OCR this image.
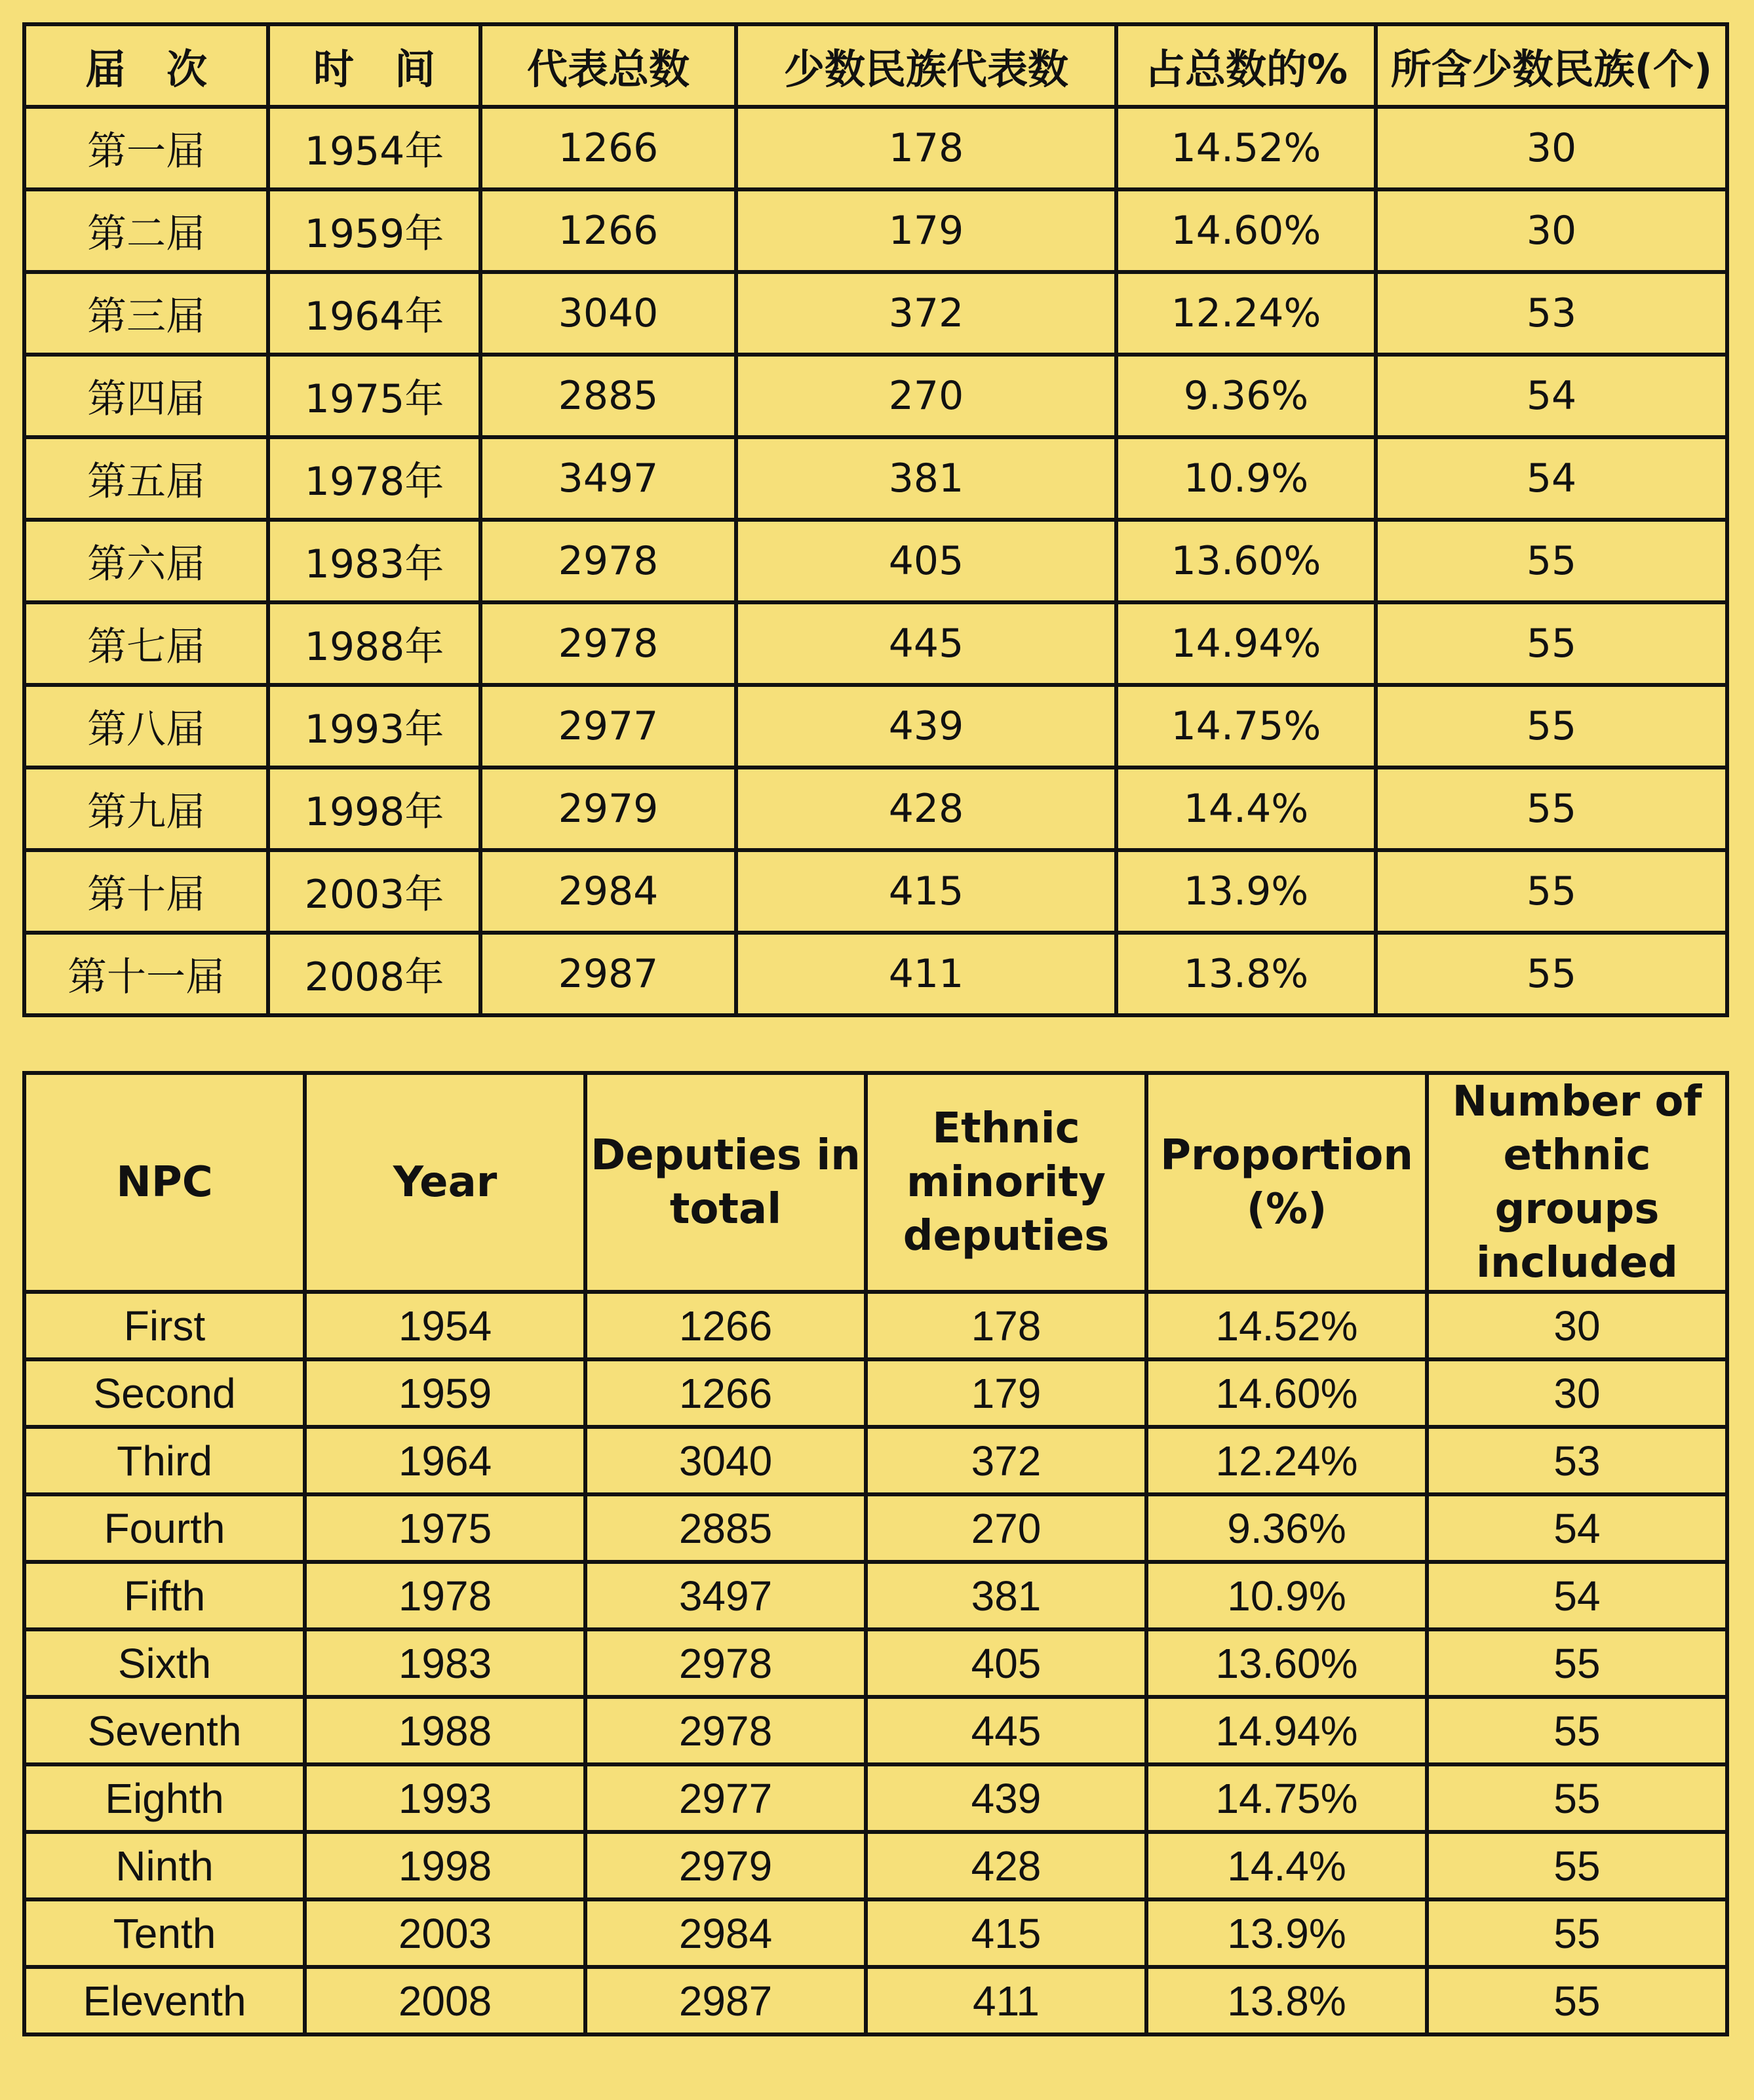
届　次	时　间	代表总数	少数民族代表数	占总数的%	所含少数民族(个)
第一届	1954年	1266	178	14.52%	30
第二届	1959年	1266	179	14.60%	30
第三届	1964年	3040	372	12.24%	53
第四届	1975年	2885	270	9.36%	54
第五届	1978年	3497	381	10.9%	54
第六届	1983年	2978	405	13.60%	55
第七届	1988年	2978	445	14.94%	55
第八届	1993年	2977	439	14.75%	55
第九届	1998年	2979	428	14.4%	55
第十届	2003年	2984	415	13.9%	55
第十一届	2008年	2987	411	13.8%	55
NPC	Year	Deputies in total	Ethnic minority deputies	Proportion (%)	Number of ethnic groups included
First	1954	1266	178	14.52%	30
Second	1959	1266	179	14.60%	30
Third	1964	3040	372	12.24%	53
Fourth	1975	2885	270	9.36%	54
Fifth	1978	3497	381	10.9%	54
Sixth	1983	2978	405	13.60%	55
Seventh	1988	2978	445	14.94%	55
Eighth	1993	2977	439	14.75%	55
Ninth	1998	2979	428	14.4%	55
Tenth	2003	2984	415	13.9%	55
Eleventh	2008	2987	411	13.8%	55
